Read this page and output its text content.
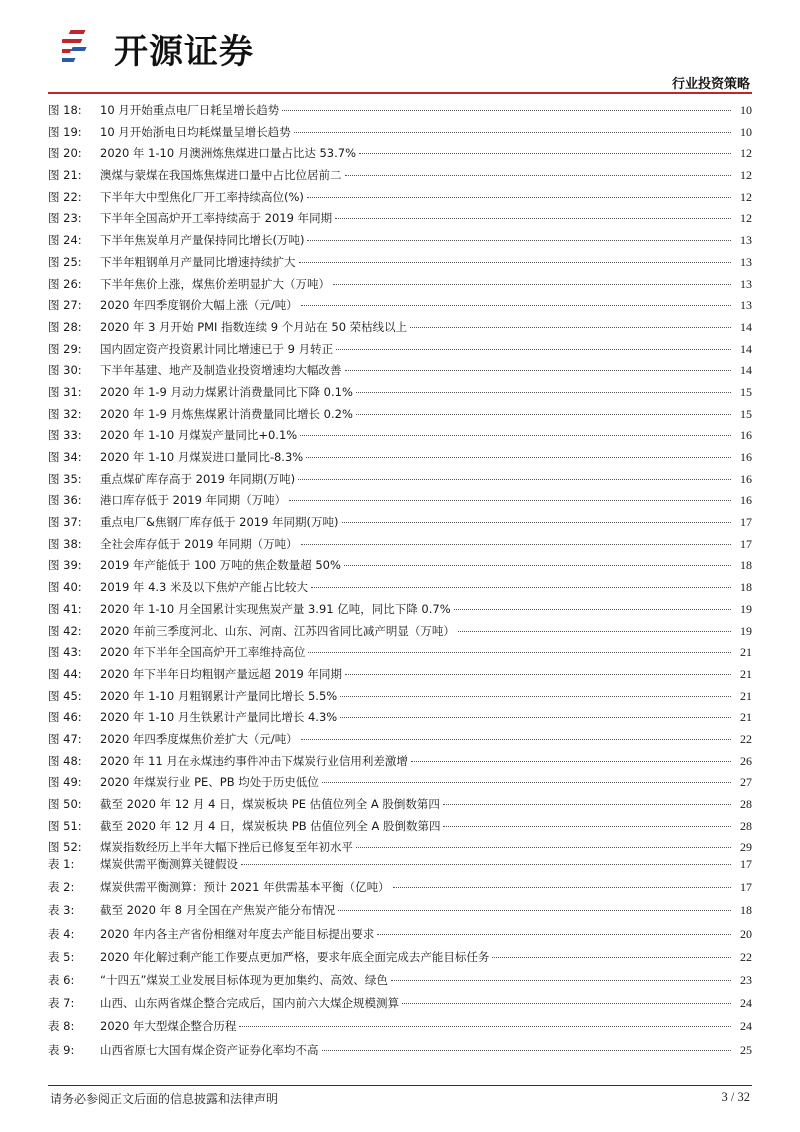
开源证券
行业投资策略
图 18:	10 月开始重点电厂日耗呈增长趋势	10
图 19:	10 月开始浙电日均耗煤量呈增长趋势	10
图 20:	2020 年 1-10 月澳洲炼焦煤进口量占比达 53.7%	12
图 21:	澳煤与蒙煤在我国炼焦煤进口量中占比位居前二	12
图 22:	下半年大中型焦化厂开工率持续高位(%)	12
图 23:	下半年全国高炉开工率持续高于 2019 年同期	12
图 24:	下半年焦炭单月产量保持同比增长(万吨)	13
图 25:	下半年粗钢单月产量同比增速持续扩大	13
图 26:	下半年焦价上涨，煤焦价差明显扩大（万吨）	13
图 27:	2020 年四季度钢价大幅上涨（元/吨）	13
图 28:	2020 年 3 月开始 PMI 指数连续 9 个月站在 50 荣枯线以上	14
图 29:	国内固定资产投资累计同比增速已于 9 月转正	14
图 30:	下半年基建、地产及制造业投资增速均大幅改善	14
图 31:	2020 年 1-9 月动力煤累计消费量同比下降 0.1%	15
图 32:	2020 年 1-9 月炼焦煤累计消费量同比增长 0.2%	15
图 33:	2020 年 1-10 月煤炭产量同比+0.1%	16
图 34:	2020 年 1-10 月煤炭进口量同比-8.3%	16
图 35:	重点煤矿库存高于 2019 年同期(万吨)	16
图 36:	港口库存低于 2019 年同期（万吨）	16
图 37:	重点电厂&焦钢厂库存低于 2019 年同期(万吨)	17
图 38:	全社会库存低于 2019 年同期（万吨）	17
图 39:	2019 年产能低于 100 万吨的焦企数量超 50%	18
图 40:	2019 年 4.3 米及以下焦炉产能占比较大	18
图 41:	2020 年 1-10 月全国累计实现焦炭产量 3.91 亿吨，同比下降 0.7%	19
图 42:	2020 年前三季度河北、山东、河南、江苏四省同比减产明显（万吨）	19
图 43:	2020 年下半年全国高炉开工率维持高位	21
图 44:	2020 年下半年日均粗钢产量远超 2019 年同期	21
图 45:	2020 年 1-10 月粗钢累计产量同比增长 5.5%	21
图 46:	2020 年 1-10 月生铁累计产量同比增长 4.3%	21
图 47:	2020 年四季度煤焦价差扩大（元/吨）	22
图 48:	2020 年 11 月在永煤违约事件冲击下煤炭行业信用利差激增	26
图 49:	2020 年煤炭行业 PE、PB 均处于历史低位	27
图 50:	截至 2020 年 12 月 4 日，煤炭板块 PE 估值位列全 A 股倒数第四	28
图 51:	截至 2020 年 12 月 4 日，煤炭板块 PB 估值位列全 A 股倒数第四	28
图 52:	煤炭指数经历上半年大幅下挫后已修复至年初水平	29
表 1:	煤炭供需平衡测算关键假设	17
表 2:	煤炭供需平衡测算：预计 2021 年供需基本平衡（亿吨）	17
表 3:	截至 2020 年 8 月全国在产焦炭产能分布情况	18
表 4:	2020 年内各主产省份相继对年度去产能目标提出要求	20
表 5:	2020 年化解过剩产能工作要点更加严格，要求年底全面完成去产能目标任务	22
表 6:	“十四五”煤炭工业发展目标体现为更加集约、高效、绿色	23
表 7:	山西、山东两省煤企整合完成后，国内前六大煤企规模测算	24
表 8:	2020 年大型煤企整合历程	24
表 9:	山西省原七大国有煤企资产证券化率均不高	25
请务必参阅正文后面的信息披露和法律声明	3 / 32
